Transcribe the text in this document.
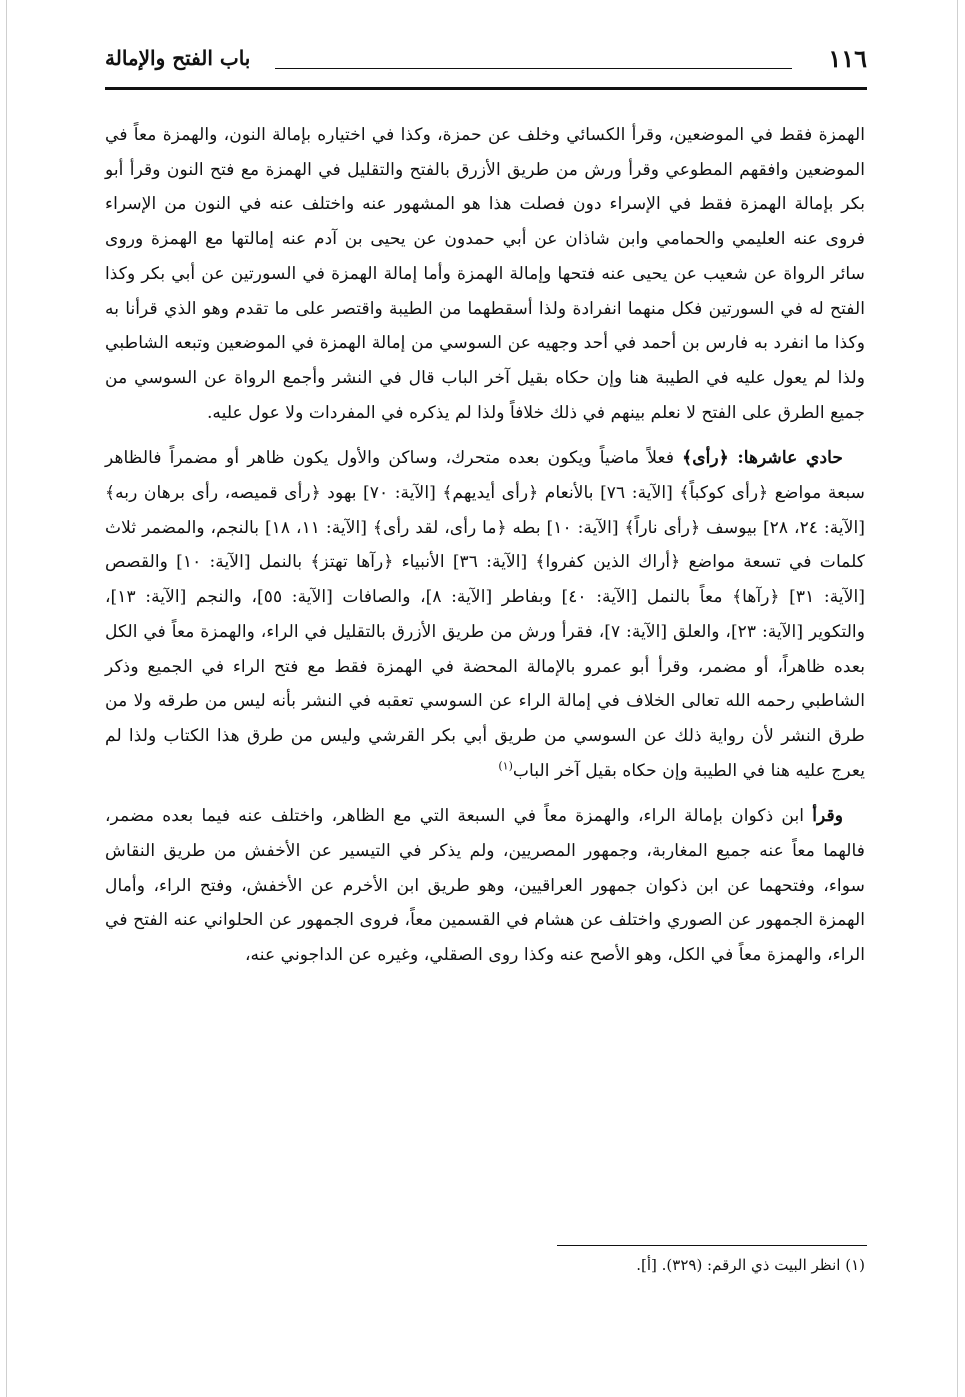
١١٦
باب الفتح والإمالة

الهمزة فقط في الموضعين، وقرأ الكسائي وخلف عن حمزة، وكذا في اختياره بإمالة النون، والهمزة معاً في الموضعين وافقهم المطوعي وقرأ ورش من طريق الأزرق بالفتح والتقليل في الهمزة مع فتح النون وقرأ أبو بكر بإمالة الهمزة فقط في الإسراء دون فصلت هذا هو المشهور عنه واختلف عنه في النون من الإسراء فروى عنه العليمي والحمامي وابن شاذان عن أبي حمدون عن يحيى بن آدم عنه إمالتها مع الهمزة وروى سائر الرواة عن شعيب عن يحيى عنه فتحها وإمالة الهمزة وأما إمالة الهمزة في السورتين عن أبي بكر وكذا الفتح له في السورتين فكل منهما انفرادة ولذا أسقطهما من الطيبة واقتصر على ما تقدم وهو الذي قرأنا به وكذا ما انفرد به فارس بن أحمد في أحد وجهيه عن السوسي من إمالة الهمزة في الموضعين وتبعه الشاطبي ولذا لم يعول عليه في الطيبة هنا وإن حكاه بقيل آخر الباب قال في النشر وأجمع الرواة عن السوسي من جميع الطرق على الفتح لا نعلم بينهم في ذلك خلافاً ولذا لم يذكره في المفردات ولا عول عليه.

حادي عاشرها: ﴿رأى﴾ فعلاً ماضياً ويكون بعده متحرك، وساكن والأول يكون ظاهر أو مضمراً فالظاهر سبعة مواضع ﴿رأى كوكباً﴾ [الآية: ٧٦] بالأنعام ﴿رأى أيديهم﴾ [الآية: ٧٠] بهود ﴿رأى قميصه، رأى برهان ربه﴾ [الآية: ٢٤، ٢٨] بيوسف ﴿رأى ناراً﴾ [الآية: ١٠] بطه ﴿ما رأى، لقد رأى﴾ [الآية: ١١، ١٨] بالنجم، والمضمر ثلاث كلمات في تسعة مواضع ﴿أراك الذين كفروا﴾ [الآية: ٣٦] الأنبياء ﴿رآها تهتز﴾ بالنمل [الآية: ١٠] والقصص [الآية: ٣١] ﴿رآها﴾ معاً بالنمل [الآية: ٤٠] وبفاطر [الآية: ٨]، والصافات [الآية: ٥٥]، والنجم [الآية: ١٣]، والتكوير [الآية: ٢٣]، والعلق [الآية: ٧]، فقرأ ورش من طريق الأزرق بالتقليل في الراء، والهمزة معاً في الكل بعده ظاهراً، أو مضمر، وقرأ أبو عمرو بالإمالة المحضة في الهمزة فقط مع فتح الراء في الجميع وذكر الشاطبي رحمه الله تعالى الخلاف في إمالة الراء عن السوسي تعقبه في النشر بأنه ليس من طرقه ولا من طرق النشر لأن رواية ذلك عن السوسي من طريق أبي بكر القرشي وليس من طرق هذا الكتاب ولذا لم يعرج عليه هنا في الطيبة وإن حكاه بقيل آخر الباب$^{(١)}$

وقرأ ابن ذكوان بإمالة الراء، والهمزة معاً في السبعة التي مع الظاهر، واختلف عنه فيما بعده مضمر، فالهما معاً عنه جميع المغاربة، وجمهور المصريين، ولم يذكر في التيسير عن الأخفش من طريق النقاش سواء، وفتحهما عن ابن ذكوان جمهور العراقيين، وهو طريق ابن الأخرم عن الأخفش، وفتح الراء، وأمال الهمزة الجمهور عن الصوري واختلف عن هشام في القسمين معاً، فروى الجمهور عن الحلواني عنه الفتح في الراء، والهمزة معاً في الكل، وهو الأصح عنه وكذا روى الصقلي، وغيره عن الداجوني عنه،

(١) انظر البيت ذي الرقم: (٣٢٩). [أ].
